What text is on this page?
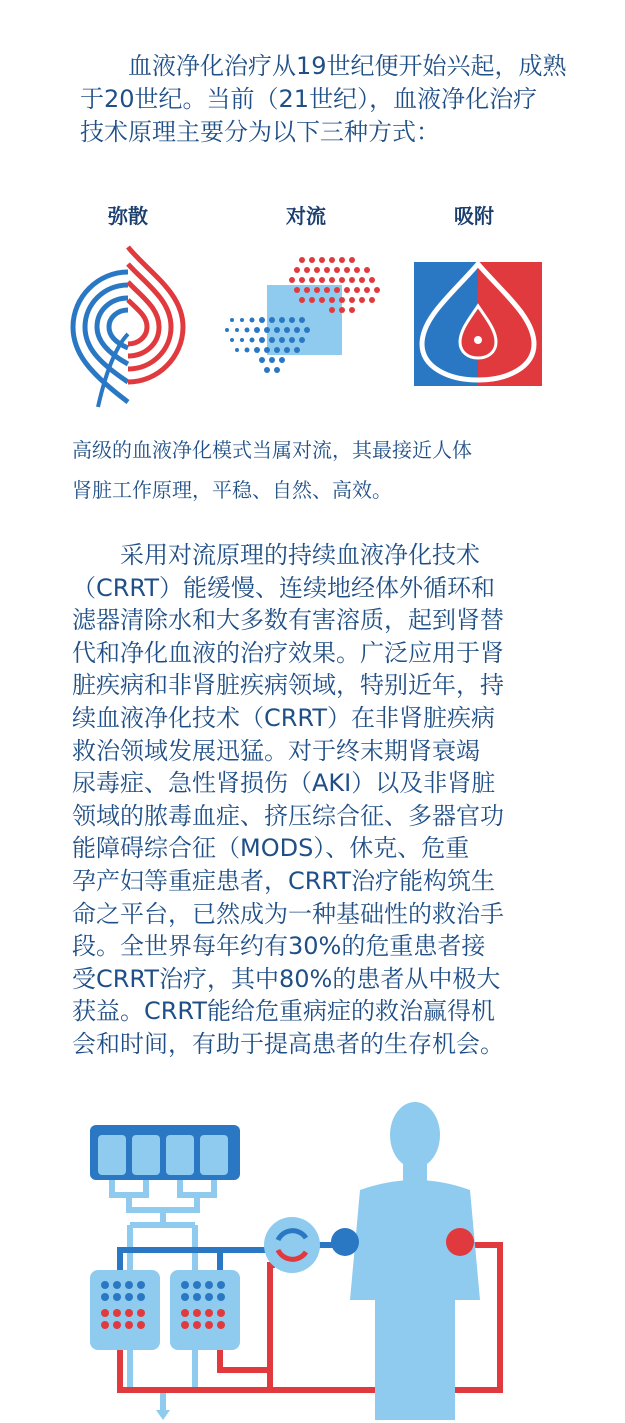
血液净化治疗从19世纪便开始兴起，成熟
于20世纪。当前（21世纪），血液净化治疗
技术原理主要分为以下三种方式：
弥散	对流	吸附
高级的血液净化模式当属对流，其最接近人体
肾脏工作原理，平稳、自然、高效。
　　采用对流原理的持续血液净化技术
（CRRT）能缓慢、连续地经体外循环和
滤器清除水和大多数有害溶质，起到肾替
代和净化血液的治疗效果。广泛应用于肾
脏疾病和非肾脏疾病领域，特别近年，持
续血液净化技术（CRRT）在非肾脏疾病
救治领域发展迅猛。对于终末期肾衰竭
尿毒症、急性肾损伤（AKI）以及非肾脏
领域的脓毒血症、挤压综合征、多器官功
能障碍综合征（MODS）、休克、危重
孕产妇等重症患者，CRRT治疗能构筑生
命之平台，已然成为一种基础性的救治手
段。全世界每年约有30%的危重患者接
受CRRT治疗，其中80%的患者从中极大
获益。CRRT能给危重病症的救治赢得机
会和时间，有助于提高患者的生存机会。
